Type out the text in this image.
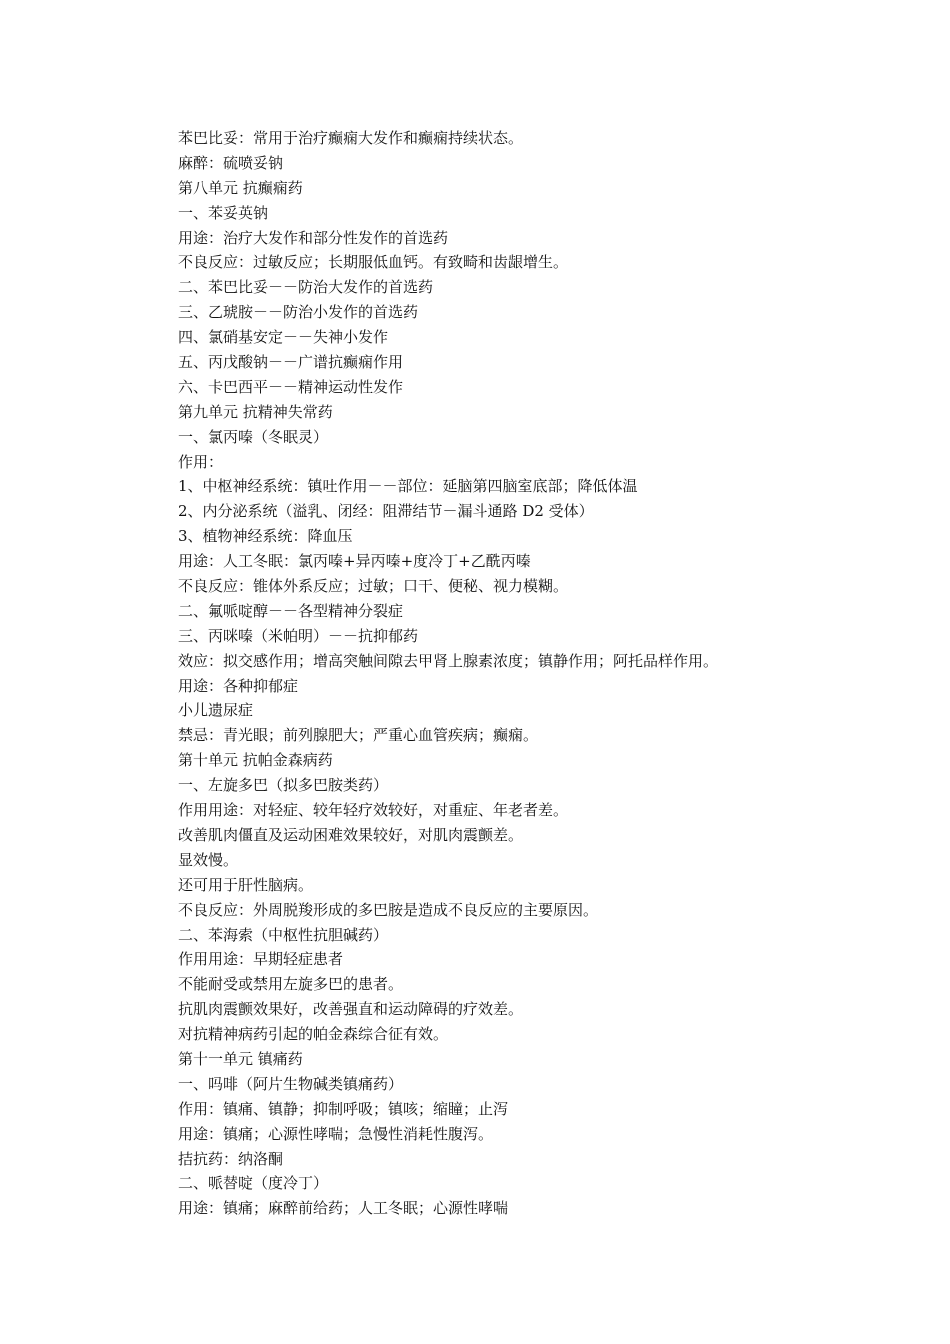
苯巴比妥：常用于治疗癫痫大发作和癫痫持续状态。
麻醉：硫喷妥钠
第八单元 抗癫痫药
一、苯妥英钠
用途：治疗大发作和部分性发作的首选药
不良反应：过敏反应；长期服低血钙。有致畸和齿龈增生。
二、苯巴比妥－－防治大发作的首选药
三、乙琥胺－－防治小发作的首选药
四、氯硝基安定－－失神小发作
五、丙戊酸钠－－广谱抗癫痫作用
六、卡巴西平－－精神运动性发作
第九单元 抗精神失常药
一、氯丙嗪（冬眠灵）
作用：
1、中枢神经系统：镇吐作用－－部位：延脑第四脑室底部；降低体温
2、内分泌系统（溢乳、闭经：阻滞结节－漏斗通路 D2 受体）
3、植物神经系统：降血压
用途：人工冬眠：氯丙嗪+异丙嗪+度冷丁+乙酰丙嗪
不良反应：锥体外系反应；过敏；口干、便秘、视力模糊。
二、氟哌啶醇－－各型精神分裂症
三、丙咪嗪（米帕明）－－抗抑郁药
效应：拟交感作用；增高突触间隙去甲肾上腺素浓度；镇静作用；阿托品样作用。
用途：各种抑郁症
小儿遗尿症
禁忌：青光眼；前列腺肥大；严重心血管疾病；癫痫。
第十单元 抗帕金森病药
一、左旋多巴（拟多巴胺类药）
作用用途：对轻症、较年轻疗效较好，对重症、年老者差。
改善肌肉僵直及运动困难效果较好，对肌肉震颤差。
显效慢。
还可用于肝性脑病。
不良反应：外周脱羧形成的多巴胺是造成不良反应的主要原因。
二、苯海索（中枢性抗胆碱药）
作用用途：早期轻症患者
不能耐受或禁用左旋多巴的患者。
抗肌肉震颤效果好，改善强直和运动障碍的疗效差。
对抗精神病药引起的帕金森综合征有效。
第十一单元 镇痛药
一、吗啡（阿片生物碱类镇痛药）
作用：镇痛、镇静；抑制呼吸；镇咳；缩瞳；止泻
用途：镇痛；心源性哮喘；急慢性消耗性腹泻。
拮抗药：纳洛酮
二、哌替啶（度冷丁）
用途：镇痛；麻醉前给药；人工冬眠；心源性哮喘
